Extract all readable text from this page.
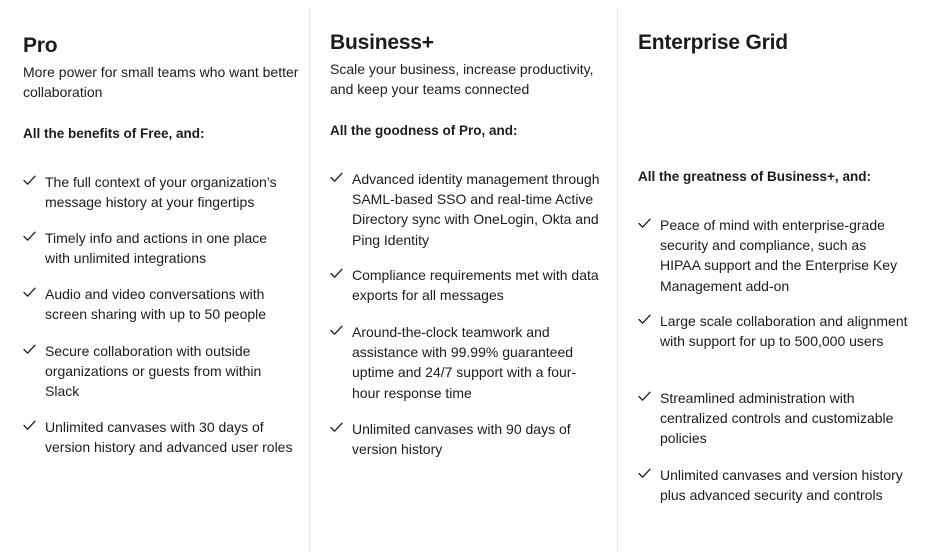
Pro

More power for small teams who want better collaboration

All the benefits of Free, and:
The full context of your organization’s message history at your fingertips
Timely info and actions in one place with unlimited integrations
Audio and video conversations with screen sharing with up to 50 people
Secure collaboration with outside organizations or guests from within Slack
Unlimited canvases with 30 days of version history and advanced user roles
Business+

Scale your business, increase productivity, and keep your teams connected

All the goodness of Pro, and:
Advanced identity management through SAML-based SSO and real-time Active Directory sync with OneLogin, Okta and Ping Identity
Compliance requirements met with data exports for all messages
Around-the-clock teamwork and assistance with 99.99% guaranteed uptime and 24/7 support with a four-hour response time
Unlimited canvases with 90 days of version history
Enterprise Grid
All the greatness of Business+, and:
Peace of mind with enterprise-grade security and compliance, such as HIPAA support and the Enterprise Key Management add-on
Large scale collaboration and alignment with support for up to 500,000 users
Streamlined administration with centralized controls and customizable policies
Unlimited canvases and version history plus advanced security and controls
